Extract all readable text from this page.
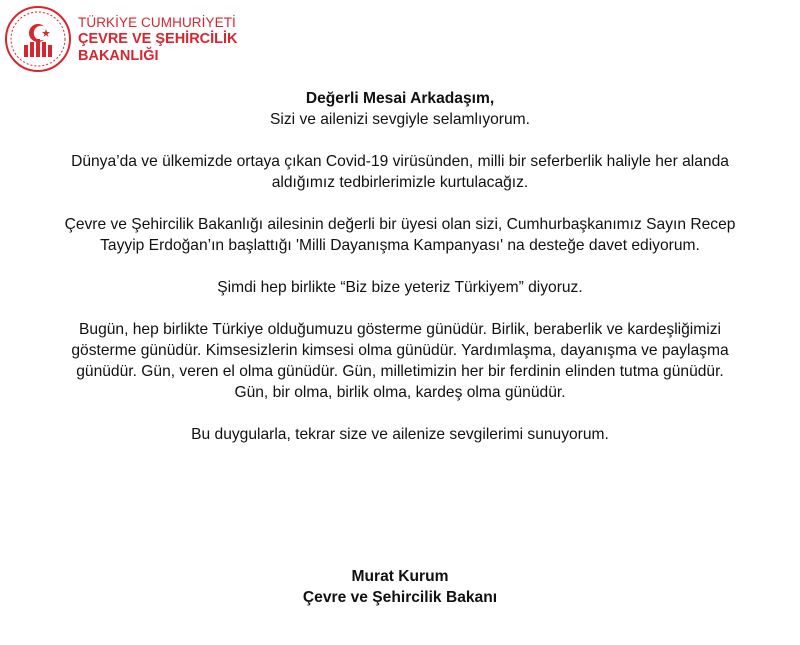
TÜRKİYE CUMHURİYETİ
ÇEVRE VE ŞEHİRCİLİK
BAKANLIĞI

Değerli Mesai Arkadaşım,

Sizi ve ailenizi sevgiyle selamlıyorum.

Dünya’da ve ülkemizde ortaya çıkan Covid-19 virüsünden, milli bir seferberlik haliyle her alanda aldığımız tedbirlerimizle kurtulacağız.

Çevre ve Şehircilik Bakanlığı ailesinin değerli bir üyesi olan sizi, Cumhurbaşkanımız Sayın Recep Tayyip Erdoğan’ın başlattığı 'Milli Dayanışma Kampanyası' na desteğe davet ediyorum.

Şimdi hep birlikte “Biz bize yeteriz Türkiyem” diyoruz.

Bugün, hep birlikte Türkiye olduğumuzu gösterme günüdür. Birlik, beraberlik ve kardeşliğimizi gösterme günüdür. Kimsesizlerin kimsesi olma günüdür. Yardımlaşma, dayanışma ve paylaşma günüdür. Gün, veren el olma günüdür. Gün, milletimizin her bir ferdinin elinden tutma günüdür. Gün, bir olma, birlik olma, kardeş olma günüdür.

Bu duygularla, tekrar size ve ailenize sevgilerimi sunuyorum.

Murat Kurum

Çevre ve Şehircilik Bakanı
